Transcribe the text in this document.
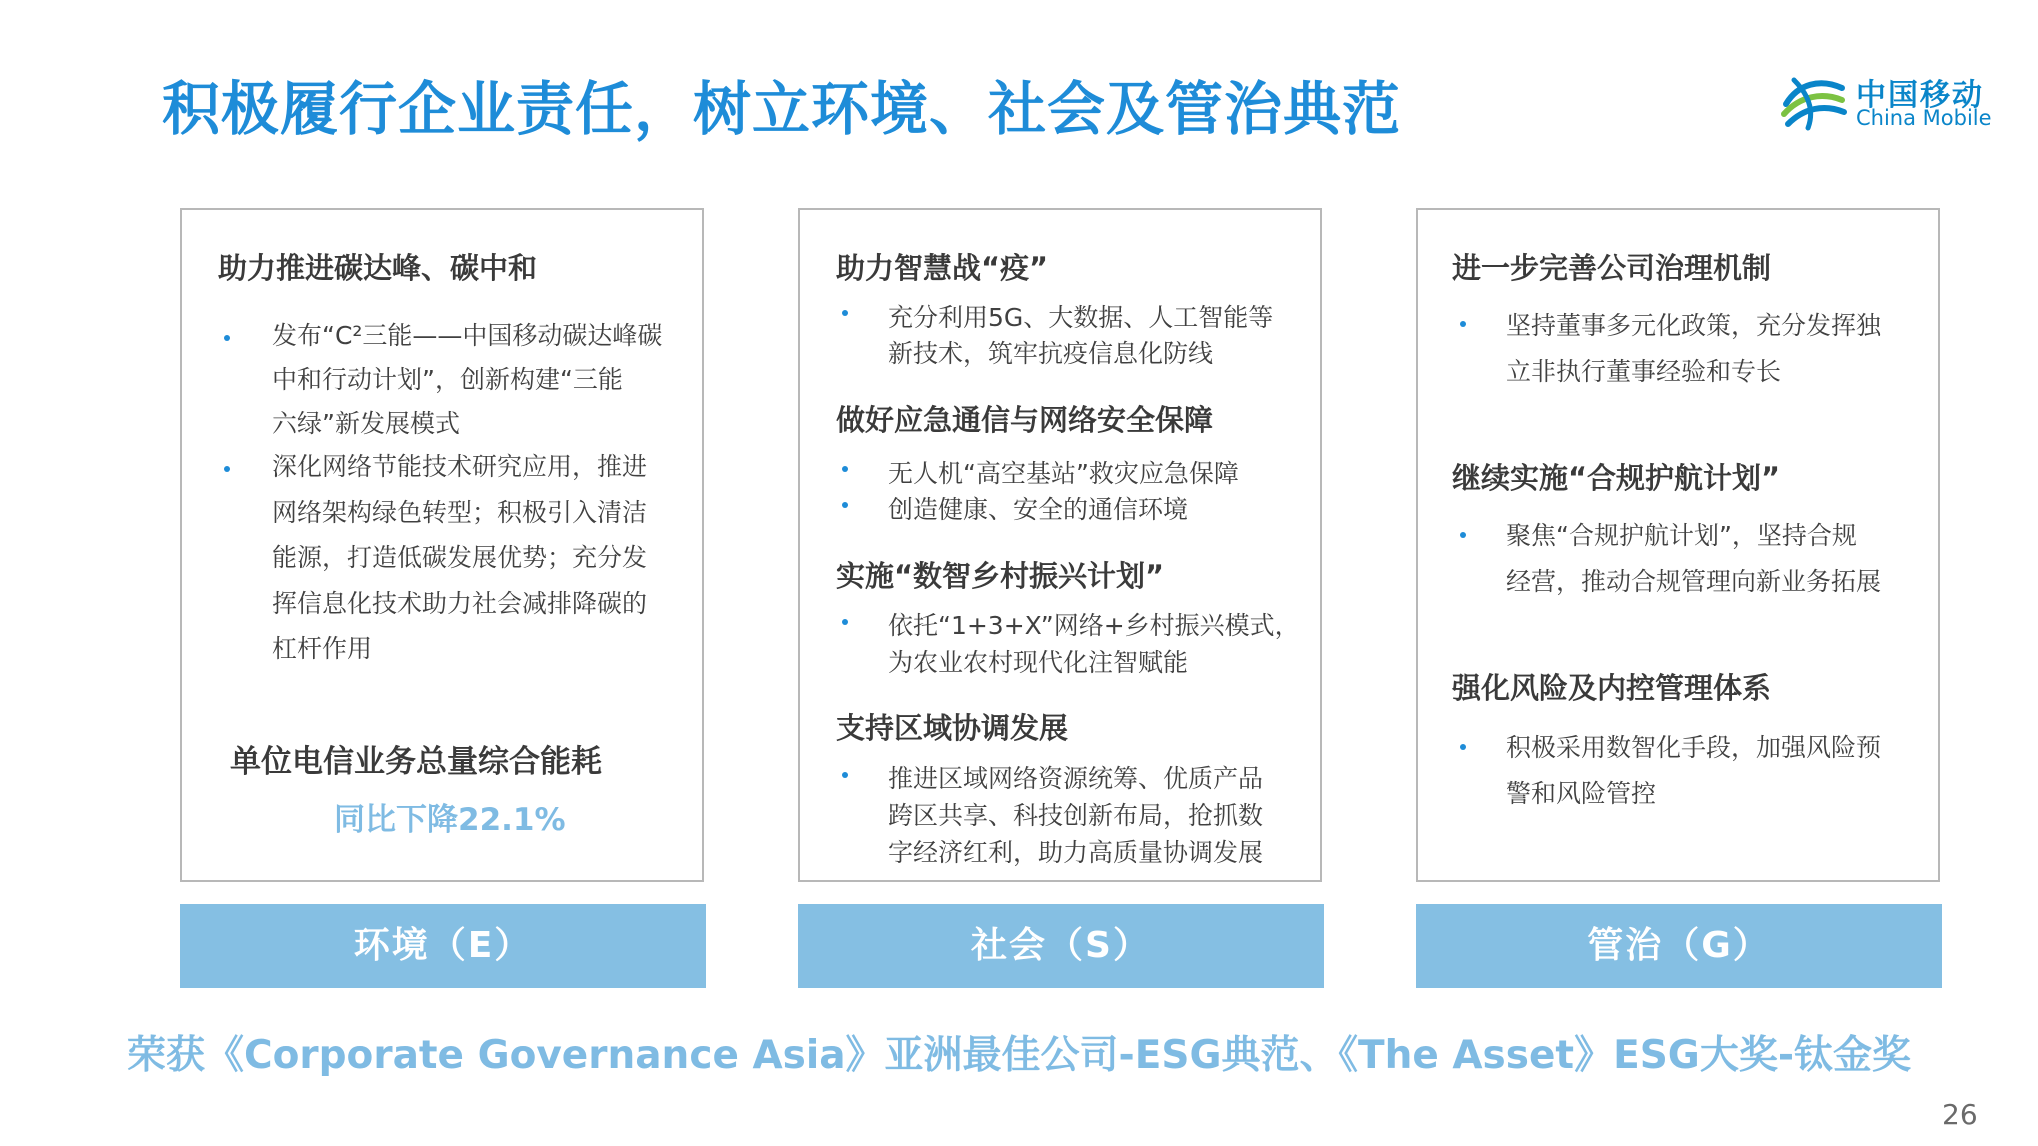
积极履行企业责任，树立环境、社会及管治典范	中国移动
China Mobile
助力推进碳达峰、碳中和
发布“C²三能——中国移动碳达峰碳
中和行动计划”，创新构建“三能
六绿”新发展模式
深化网络节能技术研究应用，推进
网络架构绿色转型；积极引入清洁
能源，打造低碳发展优势；充分发
挥信息化技术助力社会减排降碳的
杠杆作用
单位电信业务总量综合能耗
同比下降22.1%
助力智慧战“疫”
充分利用5G、大数据、人工智能等
新技术，筑牢抗疫信息化防线
做好应急通信与网络安全保障
无人机“高空基站”救灾应急保障
创造健康、安全的通信环境
实施“数智乡村振兴计划”
依托“1+3+X”网络+乡村振兴模式，
为农业农村现代化注智赋能
支持区域协调发展
推进区域网络资源统筹、优质产品
跨区共享、科技创新布局，抢抓数
字经济红利，助力高质量协调发展
进一步完善公司治理机制
坚持董事多元化政策，充分发挥独
立非执行董事经验和专长
继续实施“合规护航计划”
聚焦“合规护航计划”，坚持合规
经营，推动合规管理向新业务拓展
强化风险及内控管理体系
积极采用数智化手段，加强风险预
警和风险管控
环境（E）	社会（S）	管治（G）
荣获《Corporate Governance Asia》亚洲最佳公司-ESG典范、《The Asset》ESG大奖-钛金奖
26
